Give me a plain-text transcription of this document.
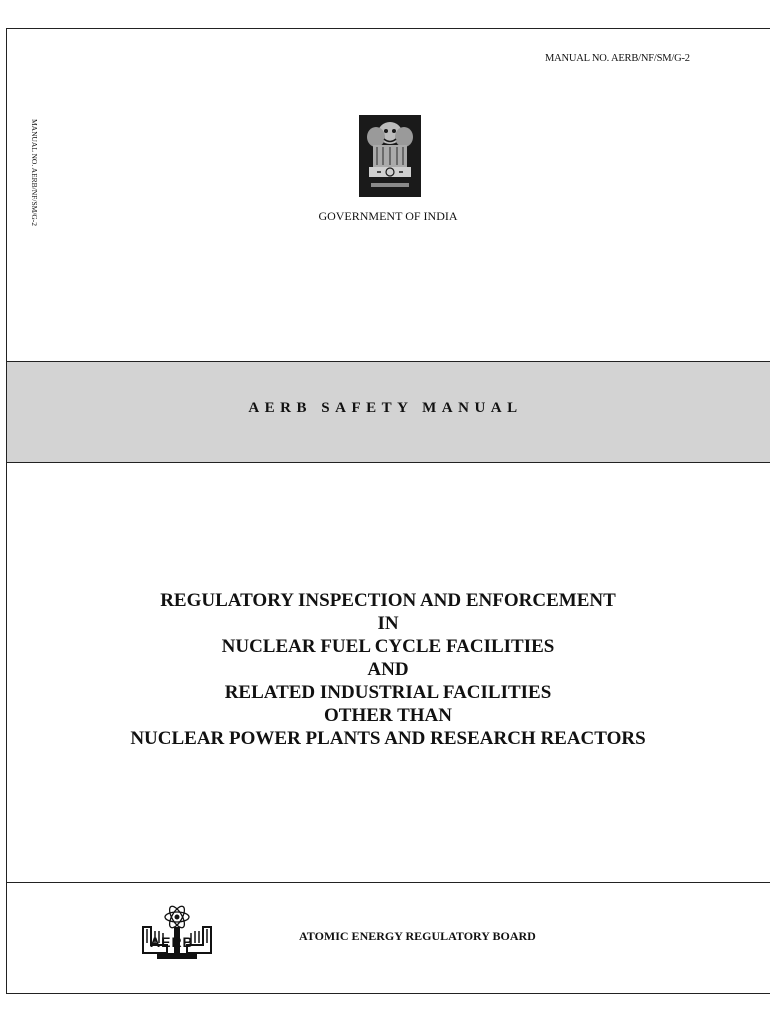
MANUAL NO. AERB/NF/SM/G-2
MANUAL NO. AERB/NF/SM/G-2	GOVERNMENT OF INDIA
AERB SAFETY MANUAL
REGULATORY INSPECTION AND ENFORCEMENT
IN
NUCLEAR FUEL CYCLE FACILITIES
AND
RELATED INDUSTRIAL FACILITIES
OTHER THAN
NUCLEAR POWER PLANTS AND RESEARCH REACTORS
ATOMIC ENERGY REGULATORY BOARD
AERB
